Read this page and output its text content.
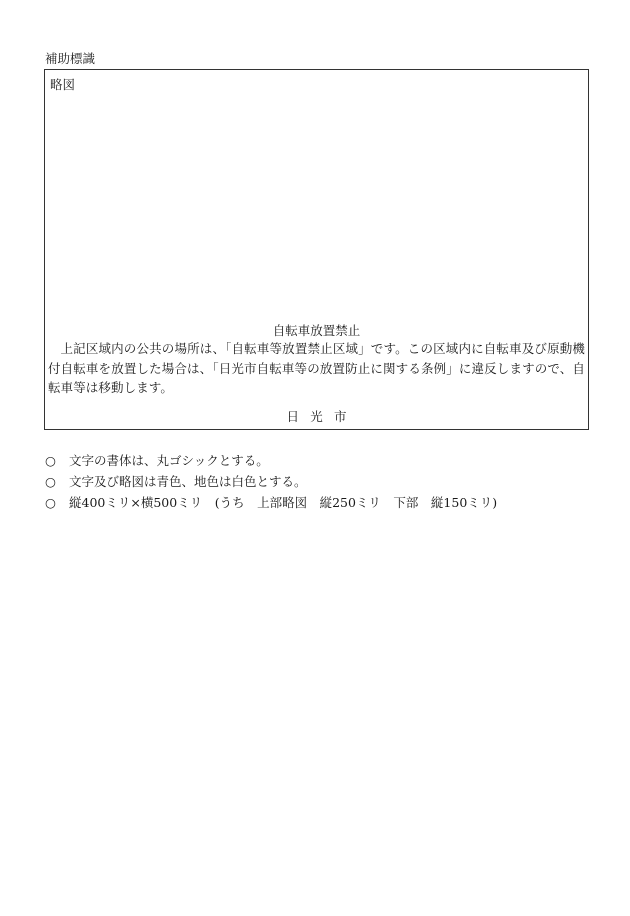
補助標識
略図
自転車放置禁止
上記区域内の公共の場所は、「自転車等放置禁止区域」です。この区域内に自転車及び原動機付自転車を放置した場合は、「日光市自転車等の放置防止に関する条例」に違反しますので、自転車等は移動します。
日光市
○ 文字の書体は、丸ゴシックとする。
○ 文字及び略図は青色、地色は白色とする。
○ 縦400ミリ×横500ミリ　(うち　上部略図　縦250ミリ　下部　縦150ミリ)
